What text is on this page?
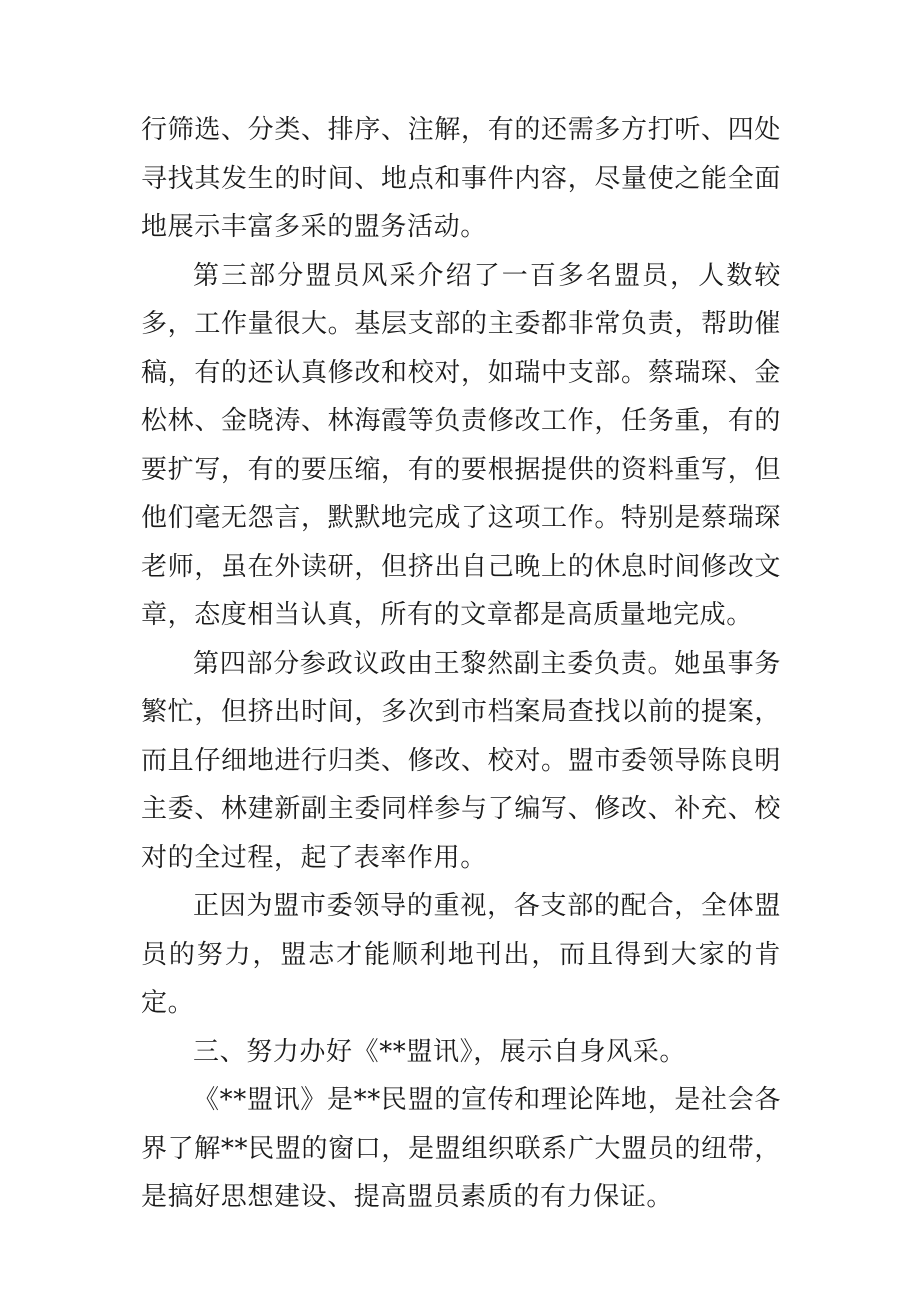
行筛选、分类、排序、注解，有的还需多方打听、四处寻找其发生的时间、地点和事件内容，尽量使之能全面地展示丰富多采的盟务活动。

第三部分盟员风采介绍了一百多名盟员，人数较多，工作量很大。基层支部的主委都非常负责，帮助催稿，有的还认真修改和校对，如瑞中支部。蔡瑞琛、金松林、金晓涛、林海霞等负责修改工作，任务重，有的要扩写，有的要压缩，有的要根据提供的资料重写，但他们毫无怨言，默默地完成了这项工作。特别是蔡瑞琛老师，虽在外读研，但挤出自己晚上的休息时间修改文章，态度相当认真，所有的文章都是高质量地完成。

第四部分参政议政由王黎然副主委负责。她虽事务繁忙，但挤出时间，多次到市档案局查找以前的提案，而且仔细地进行归类、修改、校对。盟市委领导陈良明主委、林建新副主委同样参与了编写、修改、补充、校对的全过程，起了表率作用。

正因为盟市委领导的重视，各支部的配合，全体盟员的努力，盟志才能顺利地刊出，而且得到大家的肯定。

三、努力办好《**盟讯》，展示自身风采。

《**盟讯》是**民盟的宣传和理论阵地，是社会各界了解**民盟的窗口，是盟组织联系广大盟员的纽带，是搞好思想建设、提高盟员素质的有力保证。
